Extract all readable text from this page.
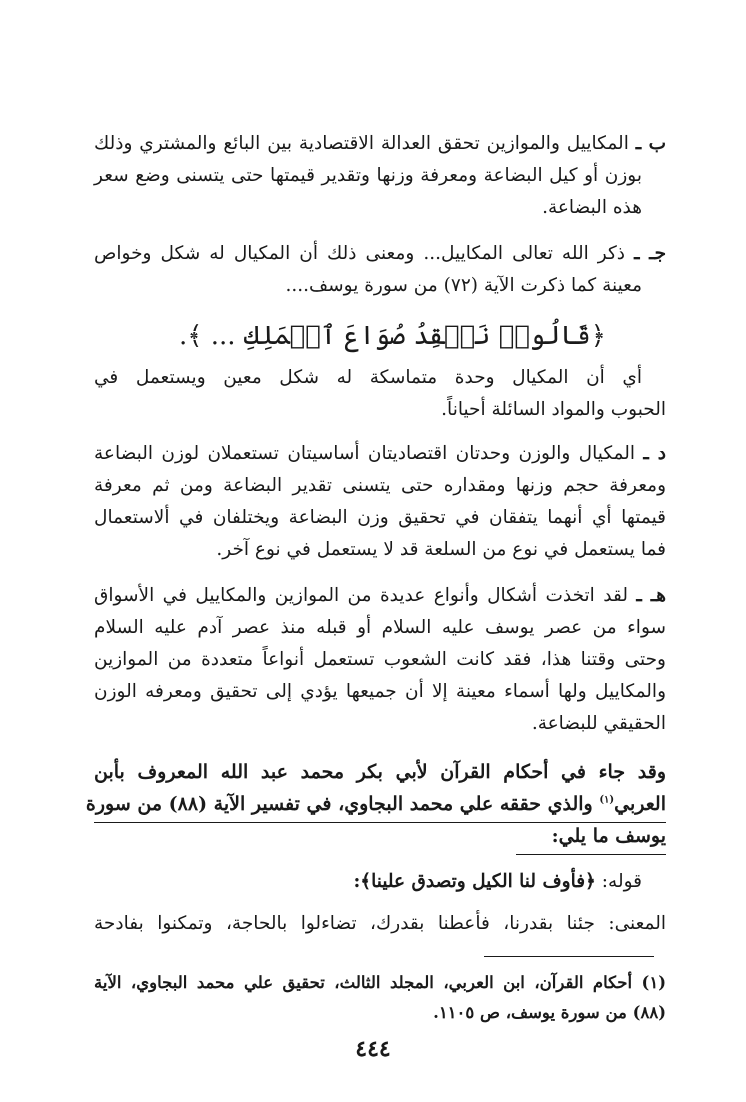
ب ـ المكاييل والموازين تحقق العدالة الاقتصادية بين البائع والمشتري وذلك
بوزن أو كيل البضاعة ومعرفة وزنها وتقدير قيمتها حتى يتسنى وضع سعر
هذه البضاعة.
جـ ـ ذكر الله تعالى المكاييل... ومعنى ذلك أن المكيال له شكل وخواص
معينة كما ذكرت الآية (٧٢) من سورة يوسف....
﴿قَالُوا۟ نَفۡقِدُ صُوَاعَ ٱلۡمَلِكِ ... ﴾.
أي أن المكيال وحدة متماسكة له شكل معين ويستعمل في
الحبوب والمواد السائلة أحياناً.
د ـ المكيال والوزن وحدتان اقتصاديتان أساسيتان تستعملان لوزن البضاعة
ومعرفة حجم وزنها ومقداره حتى يتسنى تقدير البضاعة ومن ثم معرفة
قيمتها أي أنهما يتفقان في تحقيق وزن البضاعة ويختلفان في ألاستعمال
فما يستعمل في نوع من السلعة قد لا يستعمل في نوع آخر.
هـ ـ لقد اتخذت أشكال وأنواع عديدة من الموازين والمكاييل في الأسواق
سواء من عصر يوسف عليه السلام أو قبله منذ عصر آدم عليه السلام
وحتى وقتنا هذا، فقد كانت الشعوب تستعمل أنواعاً متعددة من الموازين
والمكاييل ولها أسماء معينة إلا أن جميعها يؤدي إلى تحقيق ومعرفه الوزن
الحقيقي للبضاعة.
وقد جاء في أحكام القرآن لأبي بكر محمد عبد الله المعروف بأبن
العربي$^{(١)}$ والذي حققه علي محمد البجاوي، في تفسير الآية (٨٨) من سورة
يوسف ما يلي:
قوله: ﴿فأوف لنا الكيل وتصدق علينا﴾:
المعنى: جئنا بقدرنا، فأعطنا بقدرك، تضاءلوا بالحاجة، وتمكنوا بفادحة
(١) أحكام القرآن، ابن العربي، المجلد الثالث، تحقيق علي محمد البجاوي، الآية
(٨٨) من سورة يوسف، ص ١١٠٥.
٤٤٤
